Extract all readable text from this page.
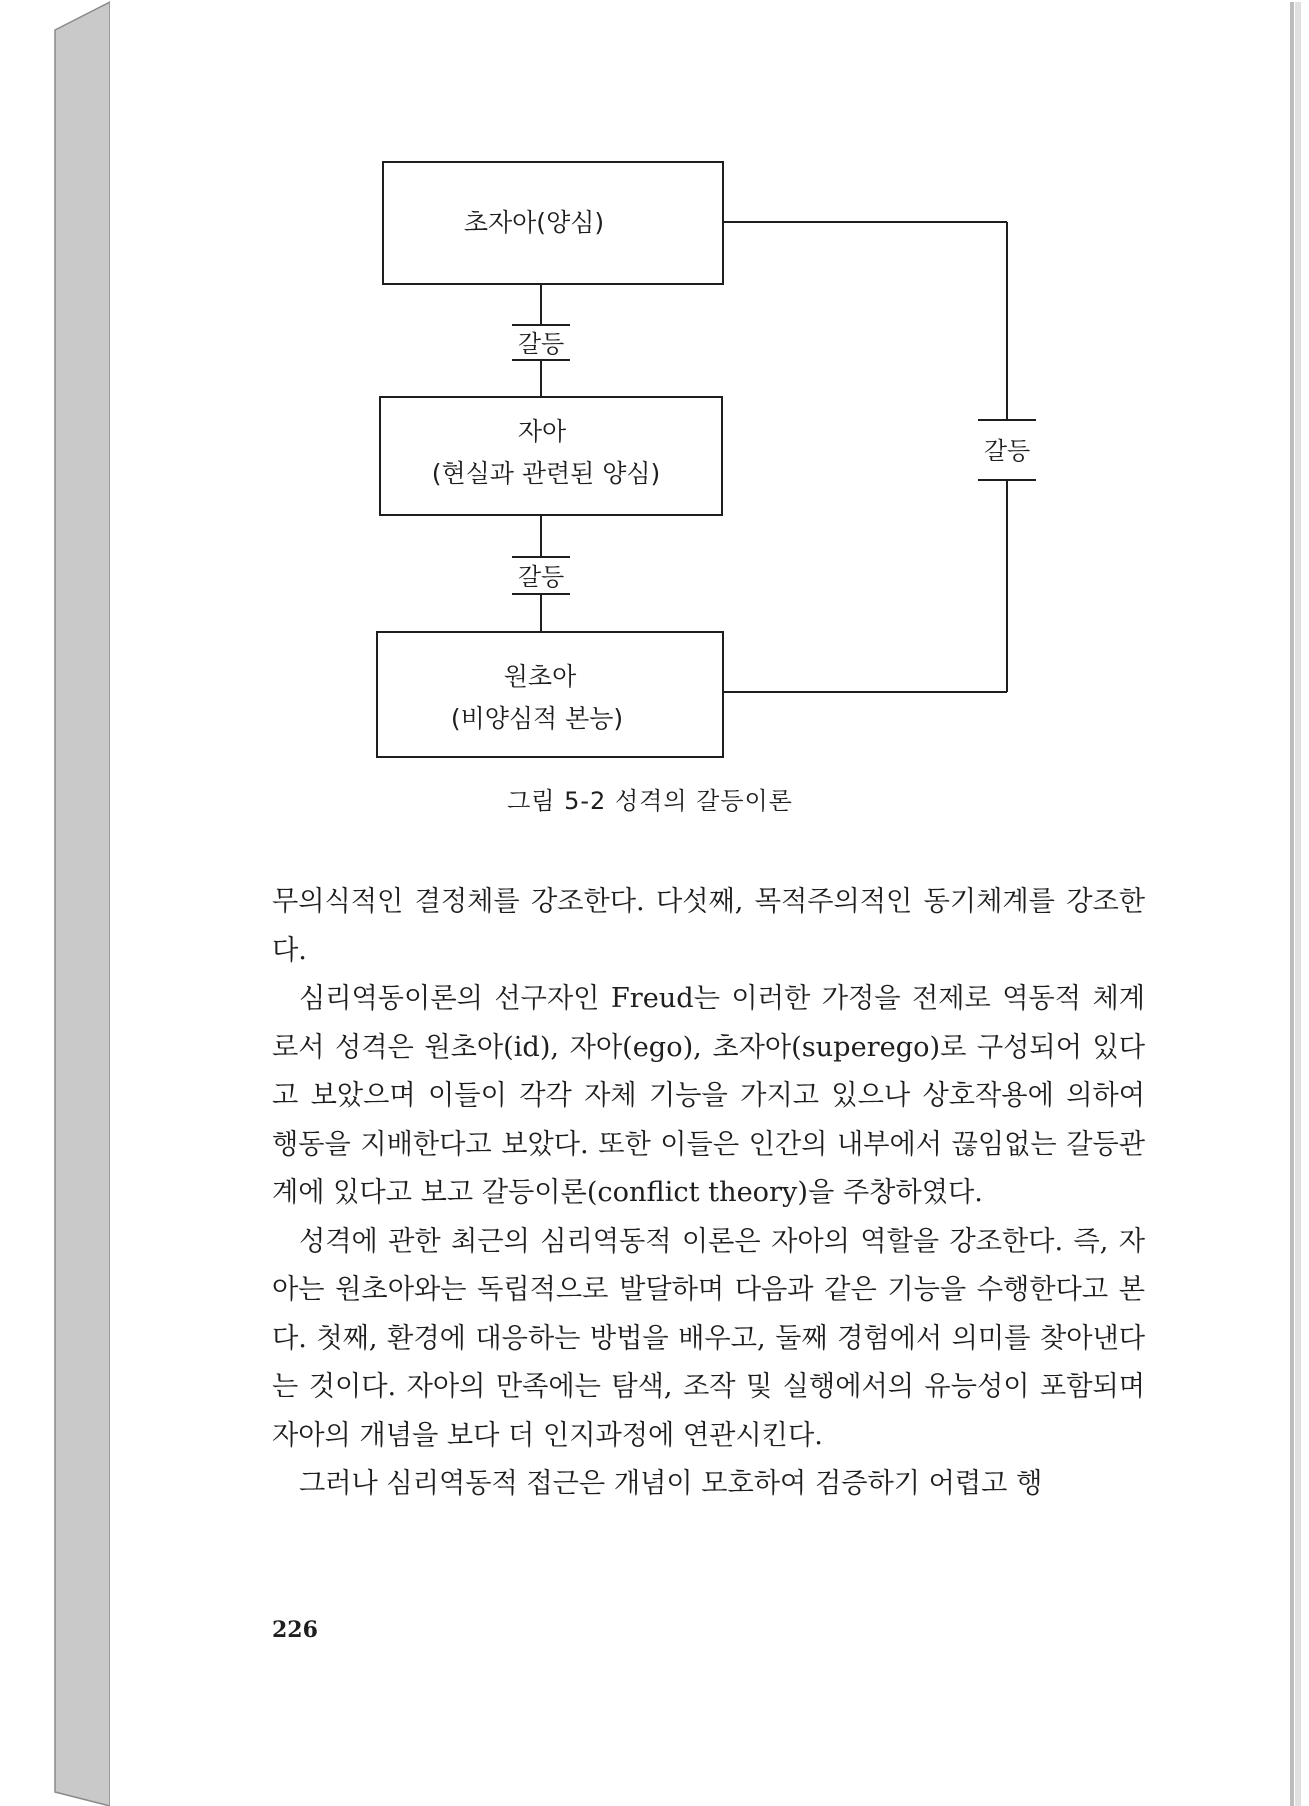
초자아(양심)
자아
(현실과 관련된 양심)
원초아
(비양심적 본능)
갈등
갈등
갈등
그림 5-2 성격의 갈등이론

무의식적인 결정체를 강조한다. 다섯째, 목적주의적인 동기체계를 강조한다.

심리역동이론의 선구자인 Freud는 이러한 가정을 전제로 역동적 체계로서 성격은 원초아(id), 자아(ego), 초자아(superego)로 구성되어 있다고 보았으며 이들이 각각 자체 기능을 가지고 있으나 상호작용에 의하여 행동을 지배한다고 보았다. 또한 이들은 인간의 내부에서 끊임없는 갈등관계에 있다고 보고 갈등이론(conflict theory)을 주창하였다.

성격에 관한 최근의 심리역동적 이론은 자아의 역할을 강조한다. 즉, 자아는 원초아와는 독립적으로 발달하며 다음과 같은 기능을 수행한다고 본다. 첫째, 환경에 대응하는 방법을 배우고, 둘째 경험에서 의미를 찾아낸다는 것이다. 자아의 만족에는 탐색, 조작 및 실행에서의 유능성이 포함되며 자아의 개념을 보다 더 인지과정에 연관시킨다.

그러나 심리역동적 접근은 개념이 모호하여 검증하기 어렵고 행

226
